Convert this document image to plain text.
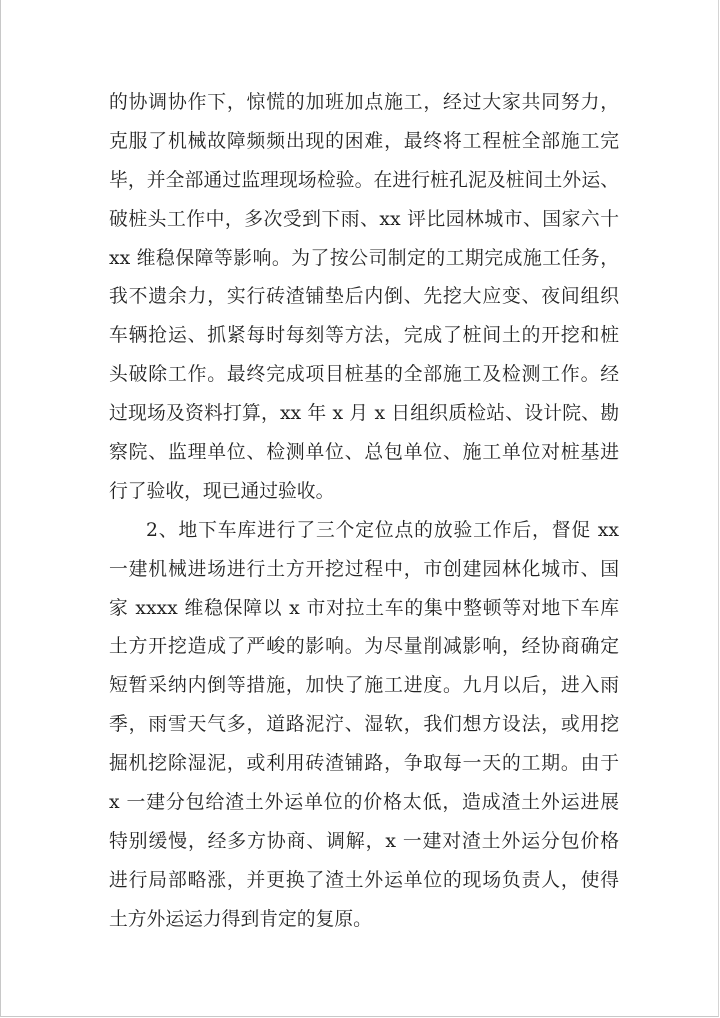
的协调协作下，惊慌的加班加点施工，经过大家共同努力，
克服了机械故障频频出现的困难，最终将工程桩全部施工完
毕，并全部通过监理现场检验。在进行桩孔泥及桩间土外运、
破桩头工作中，多次受到下雨、xx 评比园林城市、国家六十
xx 维稳保障等影响。为了按公司制定的工期完成施工任务，
我不遗余力，实行砖渣铺垫后内倒、先挖大应变、夜间组织
车辆抢运、抓紧每时每刻等方法，完成了桩间土的开挖和桩
头破除工作。最终完成项目桩基的全部施工及检测工作。经
过现场及资料打算，xx 年 x 月 x 日组织质检站、设计院、勘
察院、监理单位、检测单位、总包单位、施工单位对桩基进
行了验收，现已通过验收。
2、地下车库进行了三个定位点的放验工作后，督促 xx
一建机械进场进行土方开挖过程中，市创建园林化城市、国
家 xxxx 维稳保障以 x 市对拉土车的集中整顿等对地下车库
土方开挖造成了严峻的影响。为尽量削减影响，经协商确定
短暂采纳内倒等措施，加快了施工进度。九月以后，进入雨
季，雨雪天气多，道路泥泞、湿软，我们想方设法，或用挖
掘机挖除湿泥，或利用砖渣铺路，争取每一天的工期。由于
x 一建分包给渣土外运单位的价格太低，造成渣土外运进展
特别缓慢，经多方协商、调解，x 一建对渣土外运分包价格
进行局部略涨，并更换了渣土外运单位的现场负责人，使得
土方外运运力得到肯定的复原。
